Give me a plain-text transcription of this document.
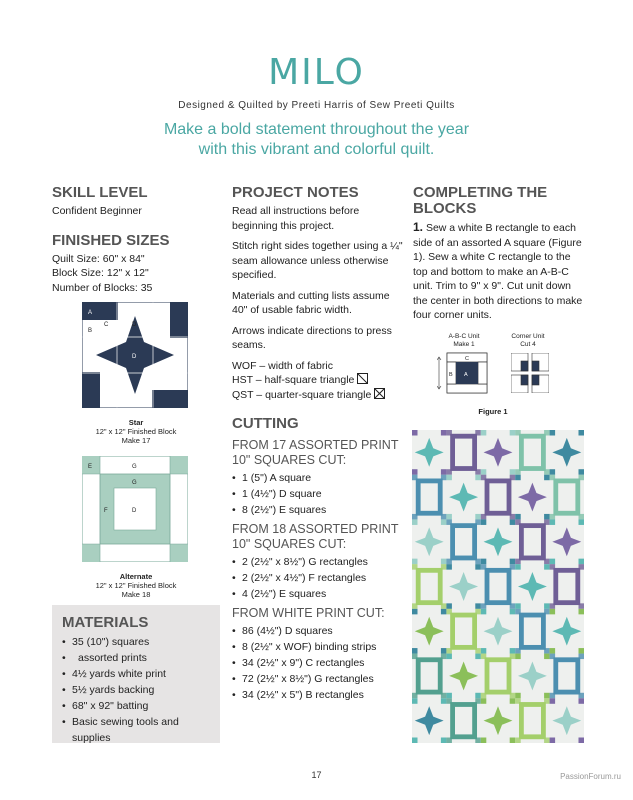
MILO
Designed & Quilted by Preeti Harris of Sew Preeti Quilts
Make a bold statement throughout the year
with this vibrant and colorful quilt.
SKILL LEVEL
Confident Beginner
FINISHED SIZES
Quilt Size: 60" x 84"
Block Size: 12" x 12"
Number of Blocks: 35
A
B
C	D
E
D
Star
12" x 12" Finished Block
Make 17
E	G
G
F	D
Alternate
12" x 12" Finished Block
Make 18
MATERIALS
• 35 (10") squares
• assorted prints
• 4½ yards white print
• 5½ yards backing
• 68" x 92" batting
• Basic sewing tools and supplies
PROJECT NOTES

Read all instructions before beginning this project.

Stitch right sides together using a ¼" seam allowance unless otherwise specified.

Materials and cutting lists assume 40" of usable fabric width.

Arrows indicate directions to press seams.

WOF – width of fabric

HST – half-square triangle

QST – quarter-square triangle

CUTTING
FROM 17 ASSORTED PRINT 10" SQUARES CUT:
• 1 (5") A square
• 1 (4½") D square
• 8 (2½") E squares
FROM 18 ASSORTED PRINT 10" SQUARES CUT:
• 2 (2½" x 8½") G rectangles
• 2 (2½" x 4½") F rectangles
• 4 (2½") E squares
FROM WHITE PRINT CUT:
• 86 (4½") D squares
• 8 (2½" x WOF) binding strips
• 34 (2½" x 9") C rectangles
• 72 (2½" x 8½") G rectangles
• 34 (2½" x 5") B rectangles
COMPLETING THE
BLOCKS

1. Sew a white B rectangle to each side of an assorted A square (Figure 1). Sew a white C rectangle to the top and bottom to make an A-B-C unit. Trim to 9" x 9". Cut unit down the center in both directions to make four corner units.

A-B-C Unit
Make 1
Corner Unit
Cut 4
C
B A
Figure 1
17	PassionForum.ru
